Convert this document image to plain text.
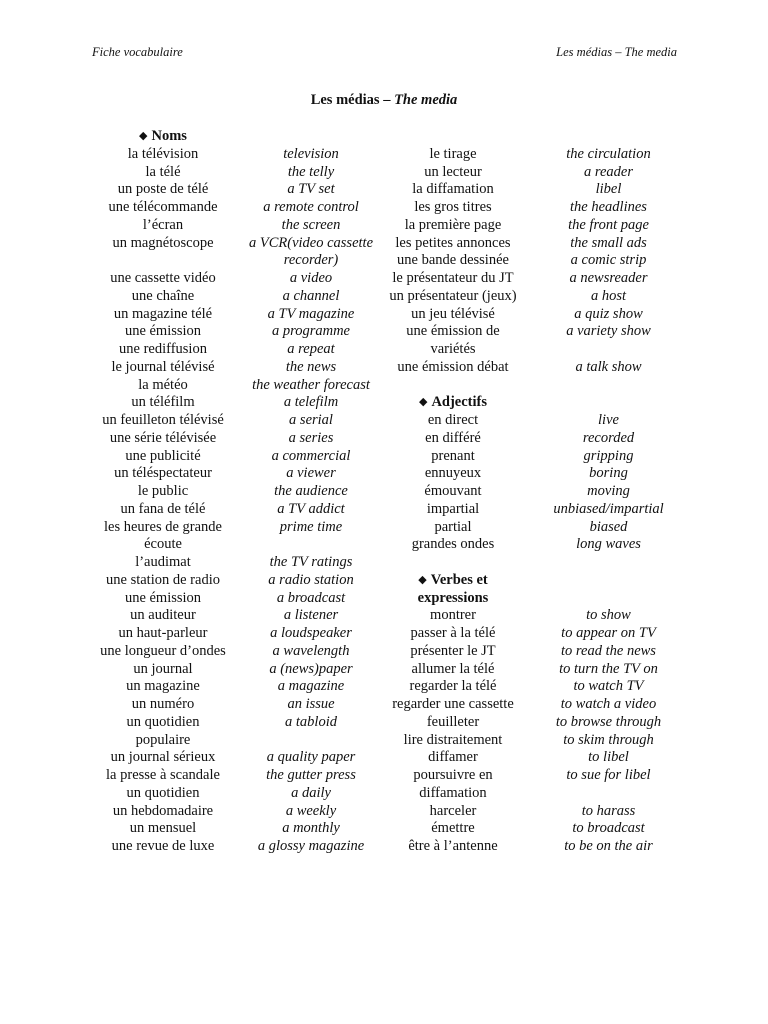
Fiche vocabulaire	Les médias – The media
Les médias – The media
◆ Noms
la télévision
la télé
un poste de télé
une télécommande
l’écran
un magnétoscope
une cassette vidéo
une chaîne
un magazine télé
une émission
une rediffusion
le journal télévisé
la météo
un téléfilm
un feuilleton télévisé
une série télévisée
une publicité
un téléspectateur
le public
un fana de télé
les heures de grande
écoute
l’audimat
une station de radio
une émission
un auditeur
un haut-parleur
une longueur d’ondes
un journal
un magazine
un numéro
un quotidien
populaire
un journal sérieux
la presse à scandale
un quotidien
un hebdomadaire
un mensuel
une revue de luxe
television
the telly
a TV set
a remote control
the screen
a VCR(video cassette
recorder)
a video
a channel
a TV magazine
a programme
a repeat
the news
the weather forecast
a telefilm
a serial
a series
a commercial
a viewer
the audience
a TV addict
prime time
the TV ratings
a radio station
a broadcast
a listener
a loudspeaker
a wavelength
a (news)paper
a magazine
an issue
a tabloid
a quality paper
the gutter press
a daily
a weekly
a monthly
a glossy magazine
le tirage
un lecteur
la diffamation
les gros titres
la première page
les petites annonces
une bande dessinée
le présentateur du JT
un présentateur (jeux)
un jeu télévisé
une émission de
variétés
une émission débat
◆ Adjectifs
en direct
en différé
prenant
ennuyeux
émouvant
impartial
partial
grandes ondes
◆ Verbes et
expressions
montrer
passer à la télé
présenter le JT
allumer la télé
regarder la télé
regarder une cassette
feuilleter
lire distraitement
diffamer
poursuivre en
diffamation
harceler
émettre
être à l’antenne
the circulation
a reader
libel
the headlines
the front page
the small ads
a comic strip
a newsreader
a host
a quiz show
a variety show
a talk show
live
recorded
gripping
boring
moving
unbiased/impartial
biased
long waves
to show
to appear on TV
to read the news
to turn the TV on
to watch TV
to watch a video
to browse through
to skim through
to libel
to sue for libel
to harass
to broadcast
to be on the air
